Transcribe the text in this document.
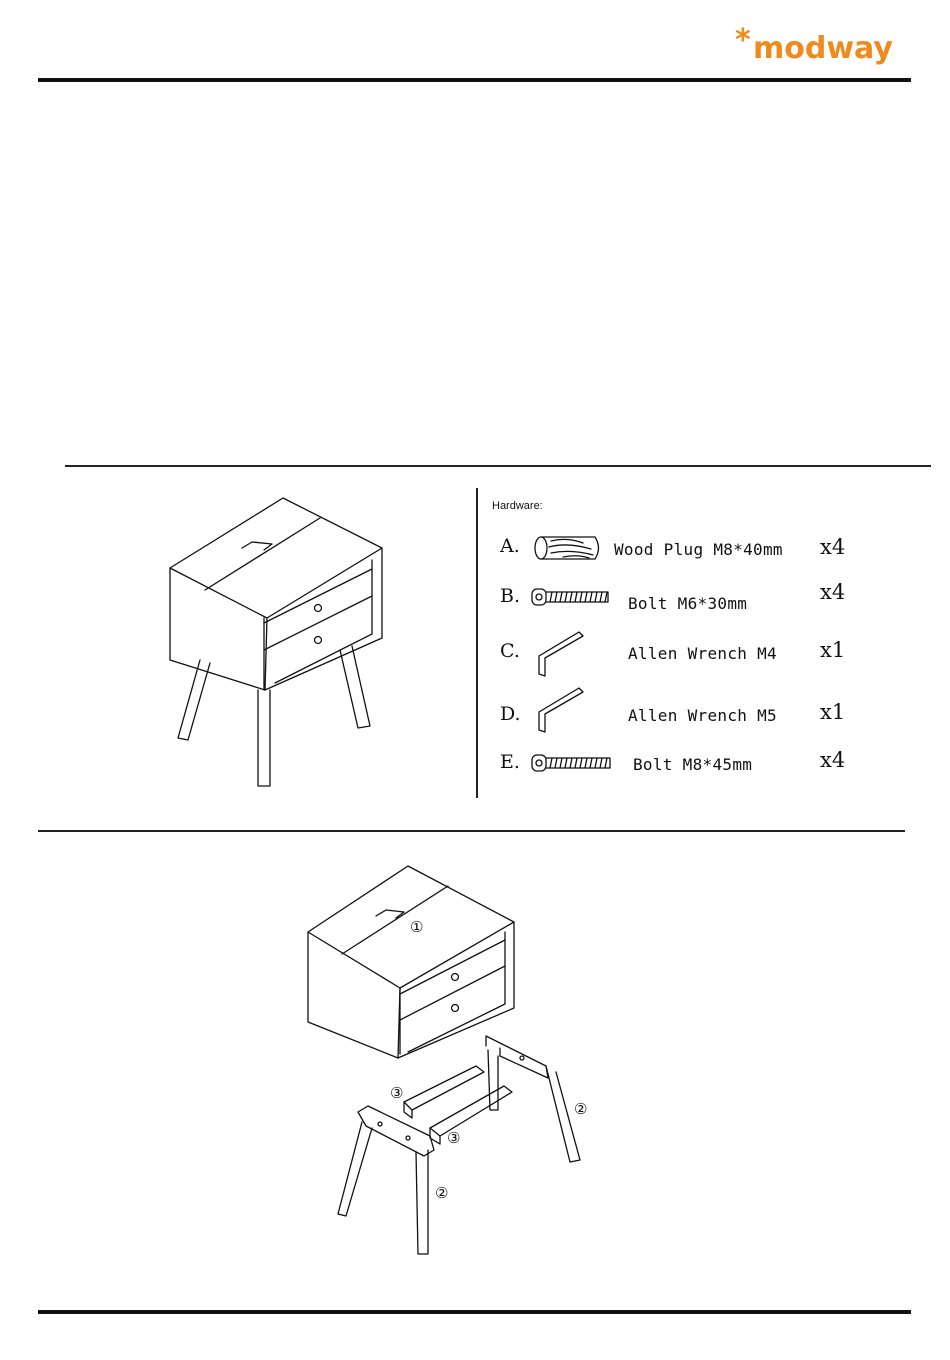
* modway
Hardware:
A.	Wood Plug M8*40mm x4
B.	Bolt M6*30mm	x4
C.	Allen Wrench M4 x1
D.	Allen Wrench M5 x1
E.	Bolt M8*45mm	x4
①
③
③
②
②
